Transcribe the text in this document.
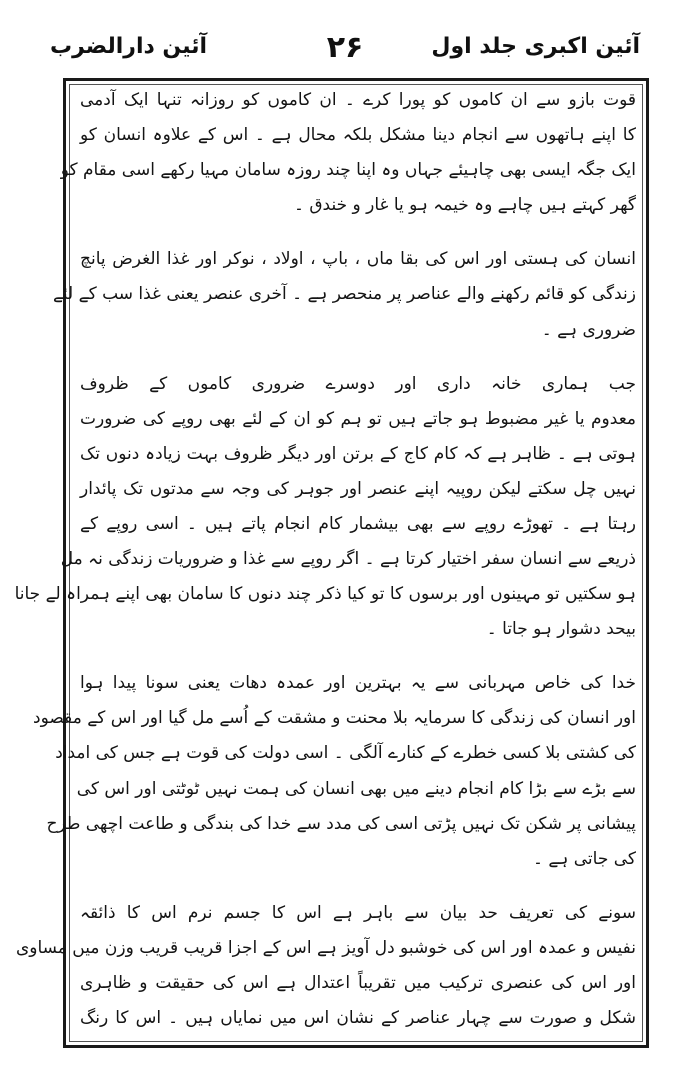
آئین اکبری جلد اول
۲۶
آئین دارالضرب
قوت بازو سے ان کاموں کو پورا کرے ۔ ان کاموں کو روزانہ تنہا ایک آدمی
کا اپنے ہاتھوں سے انجام دینا مشکل بلکہ محال ہے ۔ اس کے علاوہ انسان کو
ایک جگہ ایسی بھی چاہیئے جہاں وہ اپنا چند روزہ سامان مہیا رکھے اسی مقام کو
گھر کہتے ہیں چاہے وہ خیمہ ہو یا غار و خندق ۔
انسان کی ہستی اور اس کی بقا ماں ، باپ ، اولاد ، نوکر اور غذا الغرض پانچ
زندگی کو قائم رکھنے والے عناصر پر منحصر ہے ۔ آخری عنصر یعنی غذا سب کے لئے
ضروری ہے ۔
جب ہماری خانہ داری اور دوسرے ضروری کاموں کے ظروف
معدوم یا غیر مضبوط ہو جاتے ہیں تو ہم کو ان کے لئے بھی روپے کی ضرورت
ہوتی ہے ۔ ظاہر ہے کہ کام کاج کے برتن اور دیگر ظروف بہت زیادہ دنوں تک
نہیں چل سکتے لیکن روپیہ اپنے عنصر اور جوہر کی وجہ سے مدتوں تک پائدار
رہتا ہے ۔ تھوڑے روپے سے بھی بیشمار کام انجام پاتے ہیں ۔ اسی روپے کے
ذریعے سے انسان سفر اختیار کرتا ہے ۔ اگر روپے سے غذا و ضروریات زندگی نہ مل
ہو سکتیں تو مہینوں اور برسوں کا تو کیا ذکر چند دنوں کا سامان بھی اپنے ہمراہ لے جانا
بیحد دشوار ہو جاتا ۔
خدا کی خاص مہربانی سے یہ بہترین اور عمدہ دھات یعنی سونا پیدا ہوا
اور انسان کی زندگی کا سرمایہ بلا محنت و مشقت کے اُسے مل گیا اور اس کے مقصود
کی کشتی بلا کسی خطرے کے کنارے آلگی ۔ اسی دولت کی قوت ہے جس کی امداد
سے بڑے سے بڑا کام انجام دینے میں بھی انسان کی ہمت نہیں ٹوٹتی اور اس کی
پیشانی پر شکن تک نہیں پڑتی اسی کی مدد سے خدا کی بندگی و طاعت اچھی طرح
کی جاتی ہے ۔
سونے کی تعریف حد بیان سے باہر ہے اس کا جسم نرم اس کا ذائقہ
نفیس و عمدہ اور اس کی خوشبو دل آویز ہے اس کے اجزا قریب قریب وزن میں مساوی
اور اس کی عنصری ترکیب میں تقریباً اعتدال ہے اس کی حقیقت و ظاہری
شکل و صورت سے چہار عناصر کے نشان اس میں نمایاں ہیں ۔ اس کا رنگ
